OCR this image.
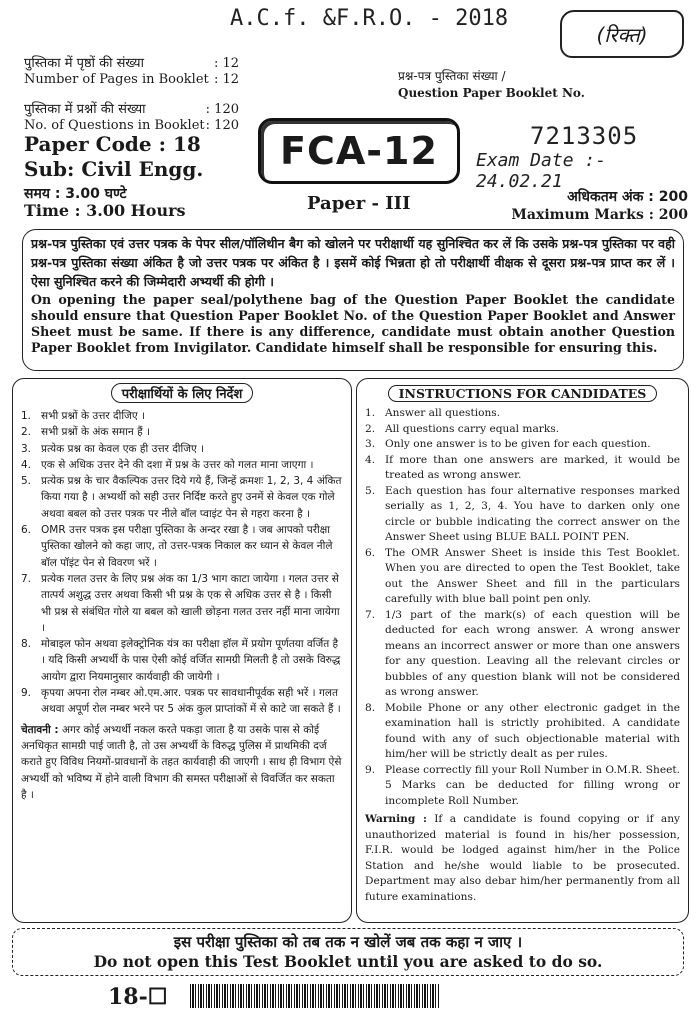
A.C.f. &F.R.O. - 2018
(रिक्त)
पुस्तिका में पृष्ठों की संख्या	: 12
Number of Pages in Booklet : 12
पुस्तिका में प्रश्नों की संख्या	: 120
No. of Questions in Booklet : 120
प्रश्न-पत्र पुस्तिका संख्या /
Question Paper Booklet No.
Paper Code : 18
Sub: Civil Engg.
समय : 3.00 घण्टे
Time : 3.00 Hours
FCA-12	7213305
Exam Date :- 24.02.21
Paper - III	अधिकतम अंक : 200
Maximum Marks : 200
प्रश्न-पत्र पुस्तिका एवं उत्तर पत्रक के पेपर सील/पॉलिथीन बैग को खोलने पर परीक्षार्थी यह सुनिश्चित कर लें कि उसके प्रश्न-पत्र पुस्तिका पर वही प्रश्न-पत्र पुस्तिका संख्या अंकित है जो उत्तर पत्रक पर अंकित है । इसमें कोई भिन्नता हो तो परीक्षार्थी वीक्षक से दूसरा प्रश्न-पत्र प्राप्त कर लें । ऐसा सुनिश्चित करने की जिम्मेदारी अभ्यर्थी की होगी ।
On opening the paper seal/polythene bag of the Question Paper Booklet the candidate should ensure that Question Paper Booklet No. of the Question Paper Booklet and Answer Sheet must be same. If there is any difference, candidate must obtain another Question Paper Booklet from Invigilator. Candidate himself shall be responsible for ensuring this.
परीक्षार्थियों के लिए निर्देश
1. सभी प्रश्नों के उत्तर दीजिए ।
2. सभी प्रश्नों के अंक समान हैं ।
3. प्रत्येक प्रश्न का केवल एक ही उत्तर दीजिए ।
4. एक से अधिक उत्तर देने की दशा में प्रश्न के उत्तर को गलत माना जाएगा ।
5. प्रत्येक प्रश्न के चार वैकल्पिक उत्तर दिये गये हैं, जिन्हें क्रमशः 1, 2, 3, 4 अंकित किया गया है । अभ्यर्थी को सही उत्तर निर्दिष्ट करते हुए उनमें से केवल एक गोले अथवा बबल को उत्तर पत्रक पर नीले बॉल प्वाइंट पेन से गहरा करना है ।
6. OMR उत्तर पत्रक इस परीक्षा पुस्तिका के अन्दर रखा है । जब आपको परीक्षा पुस्तिका खोलने को कहा जाए, तो उत्तर-पत्रक निकाल कर ध्यान से केवल नीले बॉल पॉइंट पेन से विवरण भरें ।
7. प्रत्येक गलत उत्तर के लिए प्रश्न अंक का 1/3 भाग काटा जायेगा । गलत उत्तर से तात्पर्य अशुद्ध उत्तर अथवा किसी भी प्रश्न के एक से अधिक उत्तर से है । किसी भी प्रश्न से संबंधित गोले या बबल को खाली छोड़ना गलत उत्तर नहीं माना जायेगा ।
8. मोबाइल फोन अथवा इलेक्ट्रोनिक यंत्र का परीक्षा हॉल में प्रयोग पूर्णतया वर्जित है । यदि किसी अभ्यर्थी के पास ऐसी कोई वर्जित सामग्री मिलती है तो उसके विरुद्ध आयोग द्वारा नियमानुसार कार्यवाही की जायेगी ।
9. कृपया अपना रोल नम्बर ओ.एम.आर. पत्रक पर सावधानीपूर्वक सही भरें । गलत अथवा अपूर्ण रोल नम्बर भरने पर 5 अंक कुल प्राप्तांकों में से काटे जा सकते हैं ।
चेतावनी : अगर कोई अभ्यर्थी नकल करते पकड़ा जाता है या उसके पास से कोई अनधिकृत सामग्री पाई जाती है, तो उस अभ्यर्थी के विरुद्ध पुलिस में प्राथमिकी दर्ज कराते हुए विविध नियमों-प्रावधानों के तहत कार्यवाही की जाएगी । साथ ही विभाग ऐसे अभ्यर्थी को भविष्य में होने वाली विभाग की समस्त परीक्षाओं से विवर्जित कर सकता है ।
INSTRUCTIONS FOR CANDIDATES
1. Answer all questions.
2. All questions carry equal marks.
3. Only one answer is to be given for each question.
4. If more than one answers are marked, it would be treated as wrong answer.
5. Each question has four alternative responses marked serially as 1, 2, 3, 4. You have to darken only one circle or bubble indicating the correct answer on the Answer Sheet using BLUE BALL POINT PEN.
6. The OMR Answer Sheet is inside this Test Booklet. When you are directed to open the Test Booklet, take out the Answer Sheet and fill in the particulars carefully with blue ball point pen only.
7. 1/3 part of the mark(s) of each question will be deducted for each wrong answer. A wrong answer means an incorrect answer or more than one answers for any question. Leaving all the relevant circles or bubbles of any question blank will not be considered as wrong answer.
8. Mobile Phone or any other electronic gadget in the examination hall is strictly prohibited. A candidate found with any of such objectionable material with him/her will be strictly dealt as per rules.
9. Please correctly fill your Roll Number in O.M.R. Sheet. 5 Marks can be deducted for filling wrong or incomplete Roll Number.
Warning : If a candidate is found copying or if any unauthorized material is found in his/her possession, F.I.R. would be lodged against him/her in the Police Station and he/she would liable to be prosecuted. Department may also debar him/her permanently from all future examinations.
इस परीक्षा पुस्तिका को तब तक न खोलें जब तक कहा न जाए ।
Do not open this Test Booklet until you are asked to do so.
18-☐
